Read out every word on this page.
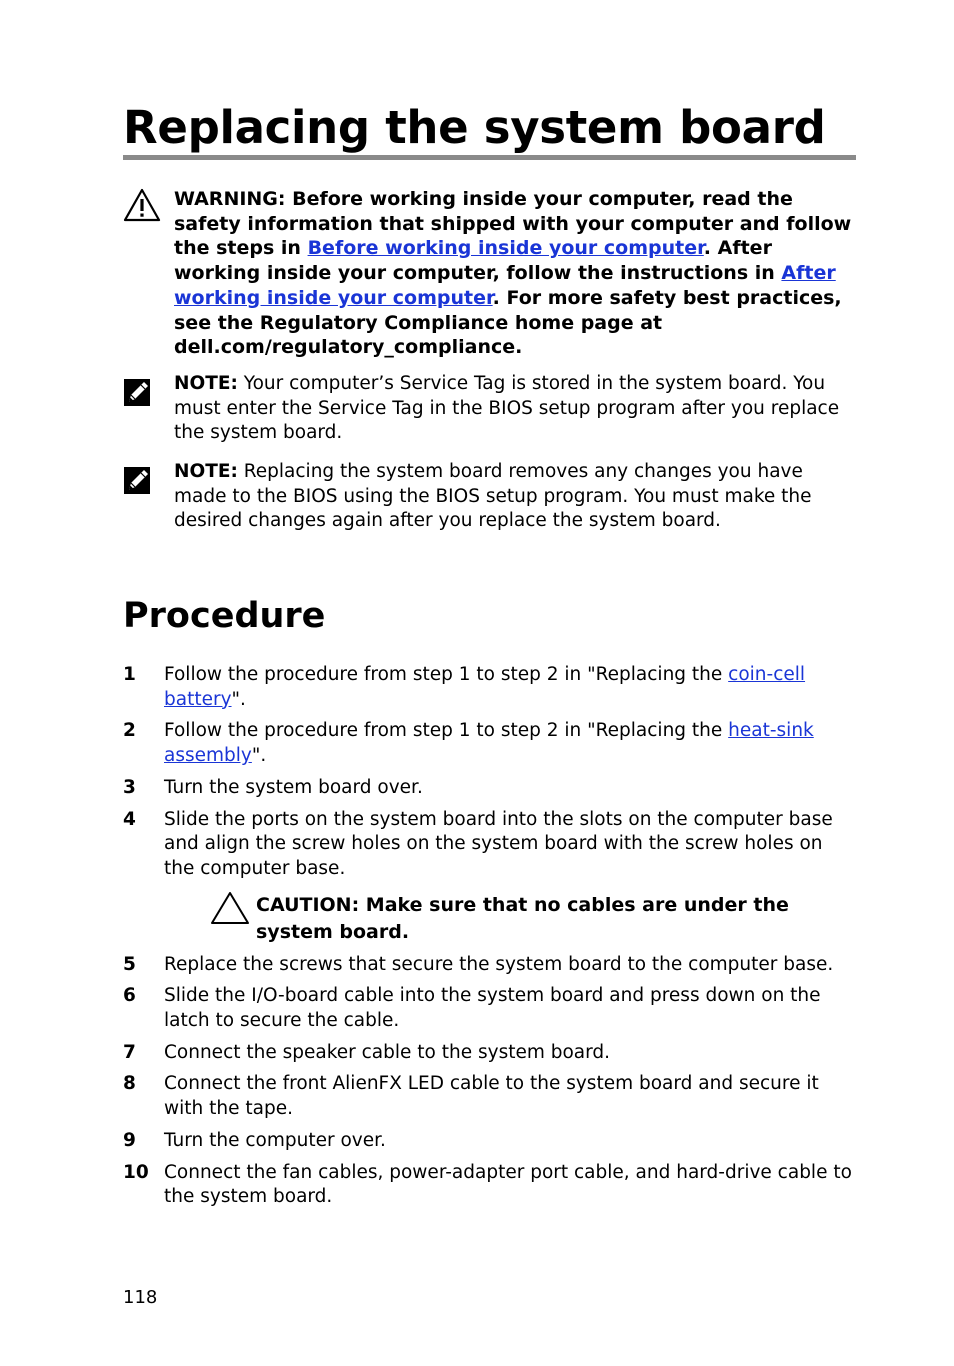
Replacing the system board
WARNING: Before working inside your computer, read the safety information that shipped with your computer and follow the steps in Before working inside your computer. After working inside your computer, follow the instructions in After working inside your computer. For more safety best practices, see the Regulatory Compliance home page at dell.com/regulatory_compliance.
NOTE: Your computer’s Service Tag is stored in the system board. You must enter the Service Tag in the BIOS setup program after you replace the system board.
NOTE: Replacing the system board removes any changes you have made to the BIOS using the BIOS setup program. You must make the desired changes again after you replace the system board.
Procedure
1 Follow the procedure from step 1 to step 2 in "Replacing the coin-cell battery".
2 Follow the procedure from step 1 to step 2 in "Replacing the heat-sink assembly".
3 Turn the system board over.
4 Slide the ports on the system board into the slots on the computer base and align the screw holes on the system board with the screw holes on the computer base.
CAUTION: Make sure that no cables are under the system board.
5 Replace the screws that secure the system board to the computer base.
6 Slide the I/O-board cable into the system board and press down on the latch to secure the cable.
7 Connect the speaker cable to the system board.
8 Connect the front AlienFX LED cable to the system board and secure it with the tape.
9 Turn the computer over.
10 Connect the fan cables, power-adapter port cable, and hard-drive cable to the system board.
118
